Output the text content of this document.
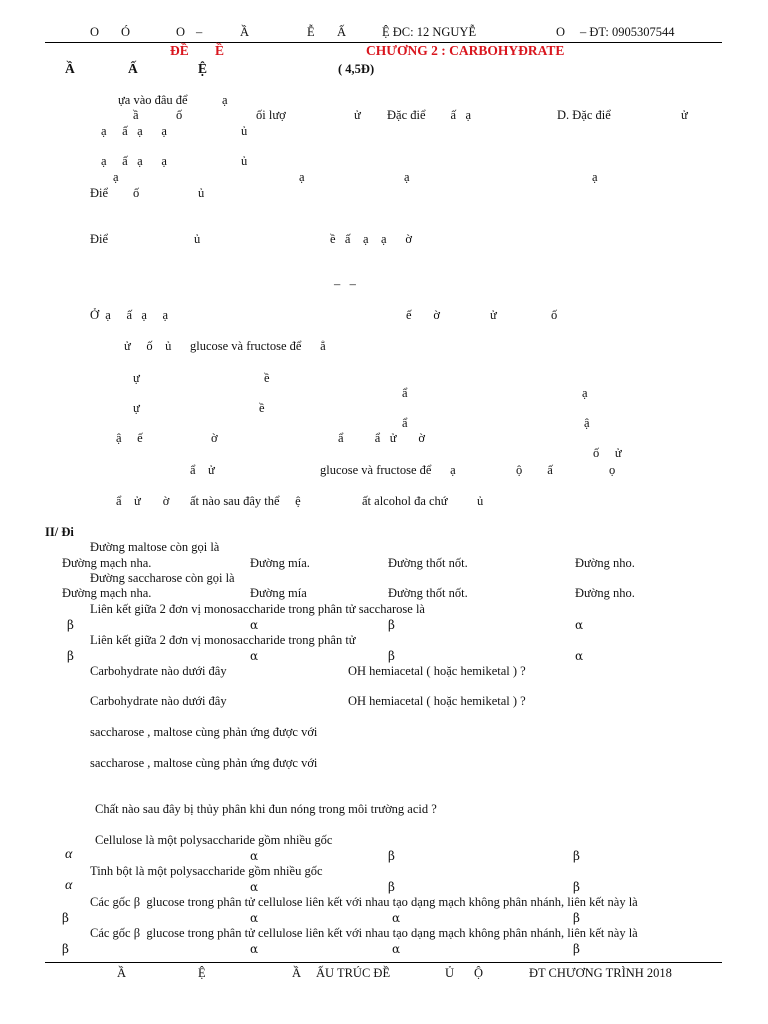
O Ó	O –	Ầ	Ễ Ấ	Ệ ĐC: 12 NGUYỄ	O – ĐT: 0905307544
ĐỀ Ề	CHƯƠNG 2 : CARBOHYĐRATE
Ầ	Ấ	Ệ	( 4,5Đ)
ựa vào đâu để           ạ
ầ            ố	ối lượ	ử Đặc điể        ấ   ạ	D. Đặc điể	ử
ạ     ấ   ạ      ạ	ủ
ạ     ấ   ạ      ạ	ủ
ạ	ạ	ạ	ạ
Điể        ố	ủ
Điể	ủ	ề   ấ    ạ    ạ      ờ
–   –
Ở  ạ     ấ   ạ     ạ	ế       ờ	ử	ố
ử     ố    ủ glucose và fructose để      ẳ
ự	ề
ẩ	ạ
ự	ề
ẩ	ậ
ậ     ế	ờ	ẩ          ẩ   ử       ờ
ố     ử
ẩ    ử	glucose và fructose để      ạ	ộ        ấ	ọ
ẩ    ử       ờ ất nào sau đây thể     ệ	ất alcohol đa chứ ủ
II/ Đi
Đường maltose còn gọi là
Đường mạch nha.	Đường mía.	Đường thốt nốt.	Đường nho.
Đường saccharose còn gọi là
Đường mạch nha.	Đường mía	Đường thốt nốt.	Đường nho.
Liên kết giữa 2 đơn vị monosaccharide trong phân tử saccharose là
β	α	β	α
Liên kết giữa 2 đơn vị monosaccharide trong phân tử
β	α	β	α
Carbohydrate nào dưới đây	OH hemiacetal ( hoặc hemiketal ) ?
Carbohydrate nào dưới đây	OH hemiacetal ( hoặc hemiketal ) ?
saccharose , maltose cùng phản ứng được với
saccharose , maltose cùng phản ứng được với
Chất nào sau đây bị thủy phân khi đun nóng trong môi trường acid ?
Cellulose là một polysaccharide gồm nhiều gốc
α	α	β	β
Tinh bột là một polysaccharide gồm nhiều gốc
α	α	β	β
Các gốc β  glucose trong phân tử cellulose liên kết với nhau tạo dạng mạch không phân nhánh, liên kết này là
β	α	α	β
Các gốc β  glucose trong phân tử cellulose liên kết với nhau tạo dạng mạch không phân nhánh, liên kết này là
β	α	α	β
Ầ	Ệ	Ầ ẤU TRÚC ĐỀ	Ủ Ộ	ĐT CHƯƠNG TRÌNH 2018
